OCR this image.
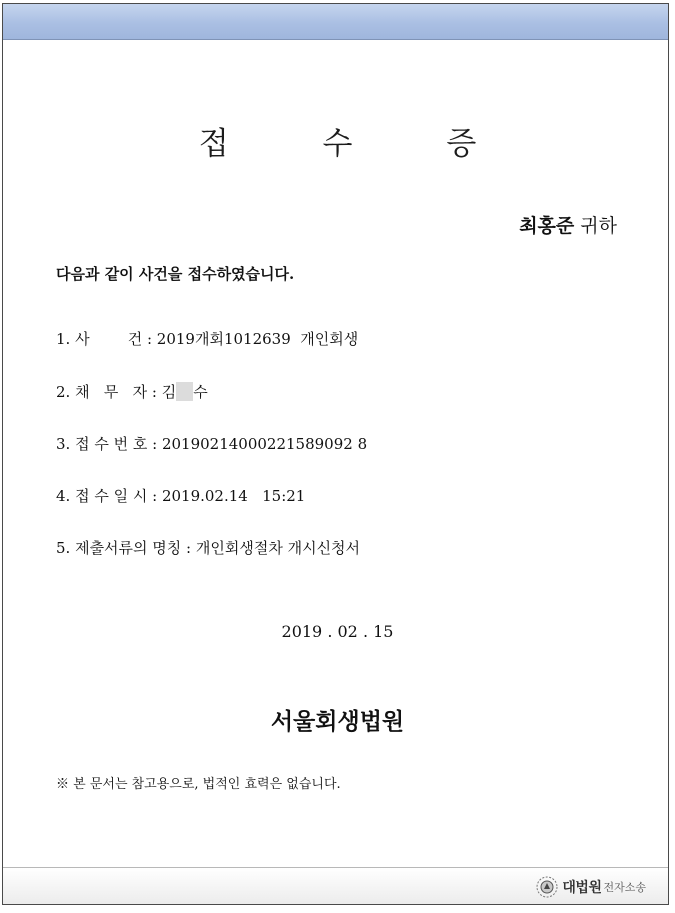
대법원 전자소송
접 수 증
최홍준 귀하
다음과 같이 사건을 접수하였습니다.
1. 사        건 : 2019개회1012639  개인회생
2. 채   무   자 : 김 수
3. 접 수 번 호 : 20190214000221589092 8
4. 접 수 일 시 : 2019.02.14   15:21
5. 제출서류의 명칭 : 개인회생절차 개시신청서
2019 . 02 . 15
서울회생법원
※ 본 문서는 참고용으로, 법적인 효력은 없습니다.
